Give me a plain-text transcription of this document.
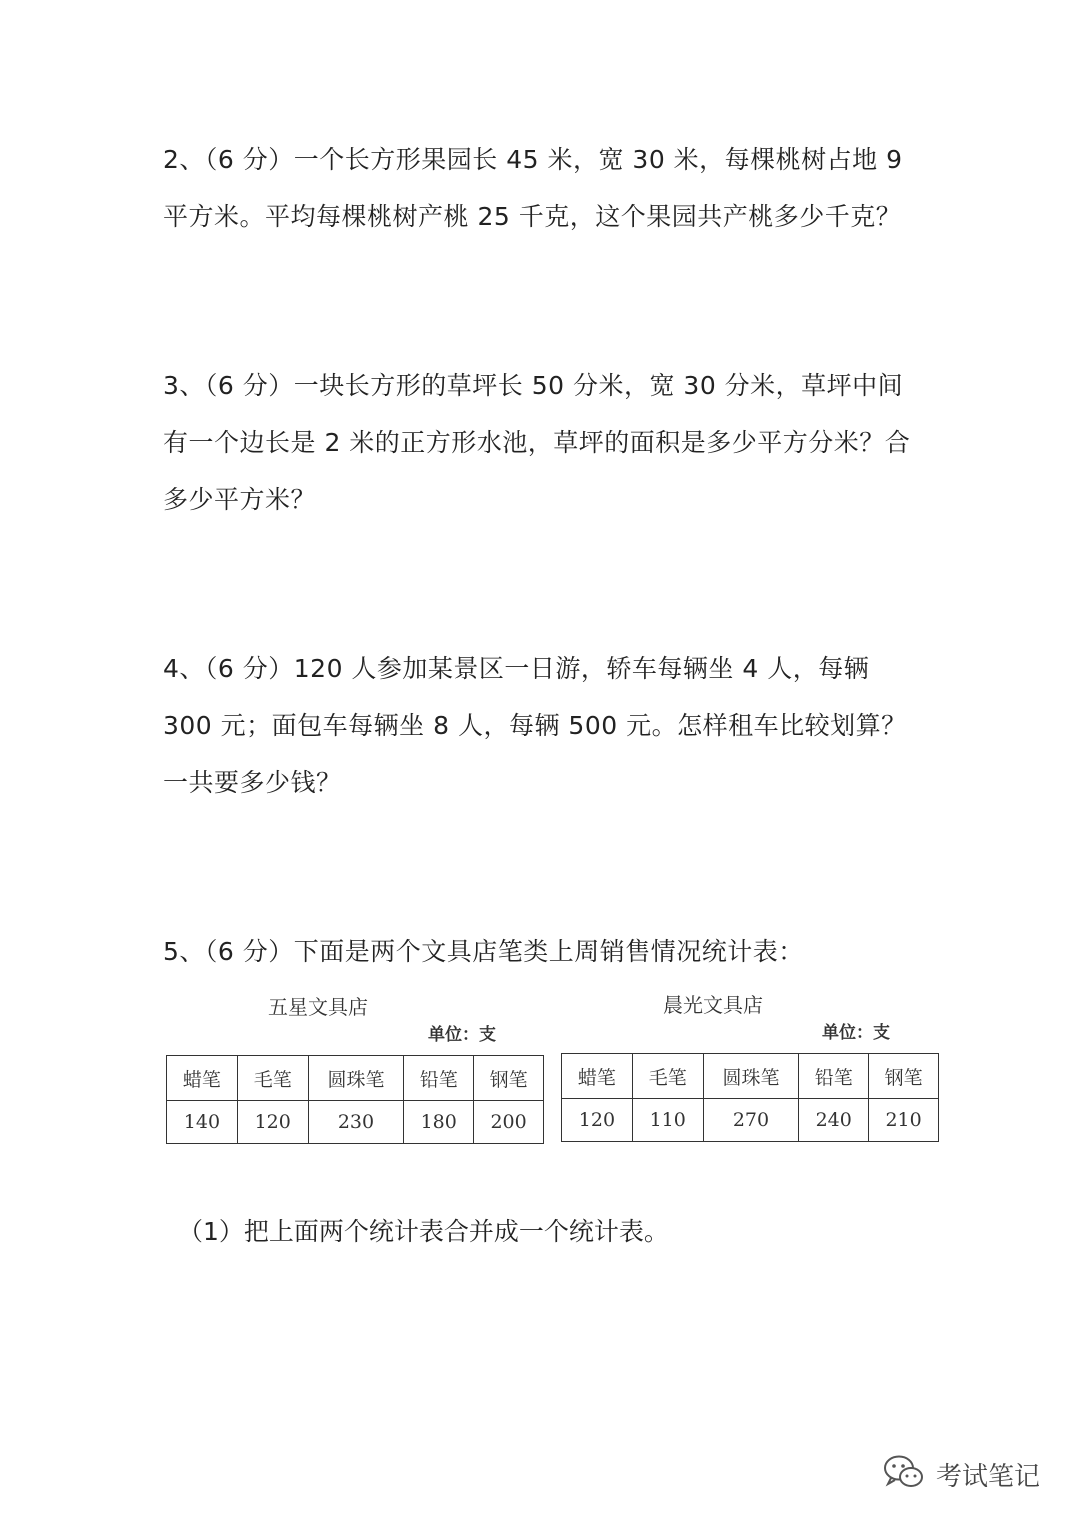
2、（6 分）一个长方形果园长 45 米，宽 30 米，每棵桃树占地 9 平方米。平均每棵桃树产桃 25 千克，这个果园共产桃多少千克？

3、（6 分）一块长方形的草坪长 50 分米，宽 30 分米，草坪中间有一个边长是 2 米的正方形水池，草坪的面积是多少平方分米？合多少平方米？

4、（6 分）120 人参加某景区一日游，轿车每辆坐 4 人，每辆 300 元；面包车每辆坐 8 人，每辆 500 元。怎样租车比较划算？一共要多少钱？

5、（6 分）下面是两个文具店笔类上周销售情况统计表：

五星文具店
单位：支
蜡笔	毛笔	圆珠笔	铅笔	钢笔
140	120	230	180	200
晨光文具店
单位：支
蜡笔	毛笔	圆珠笔	铅笔	钢笔
120	110	270	240	210

（1）把上面两个统计表合并成一个统计表。

考试笔记
